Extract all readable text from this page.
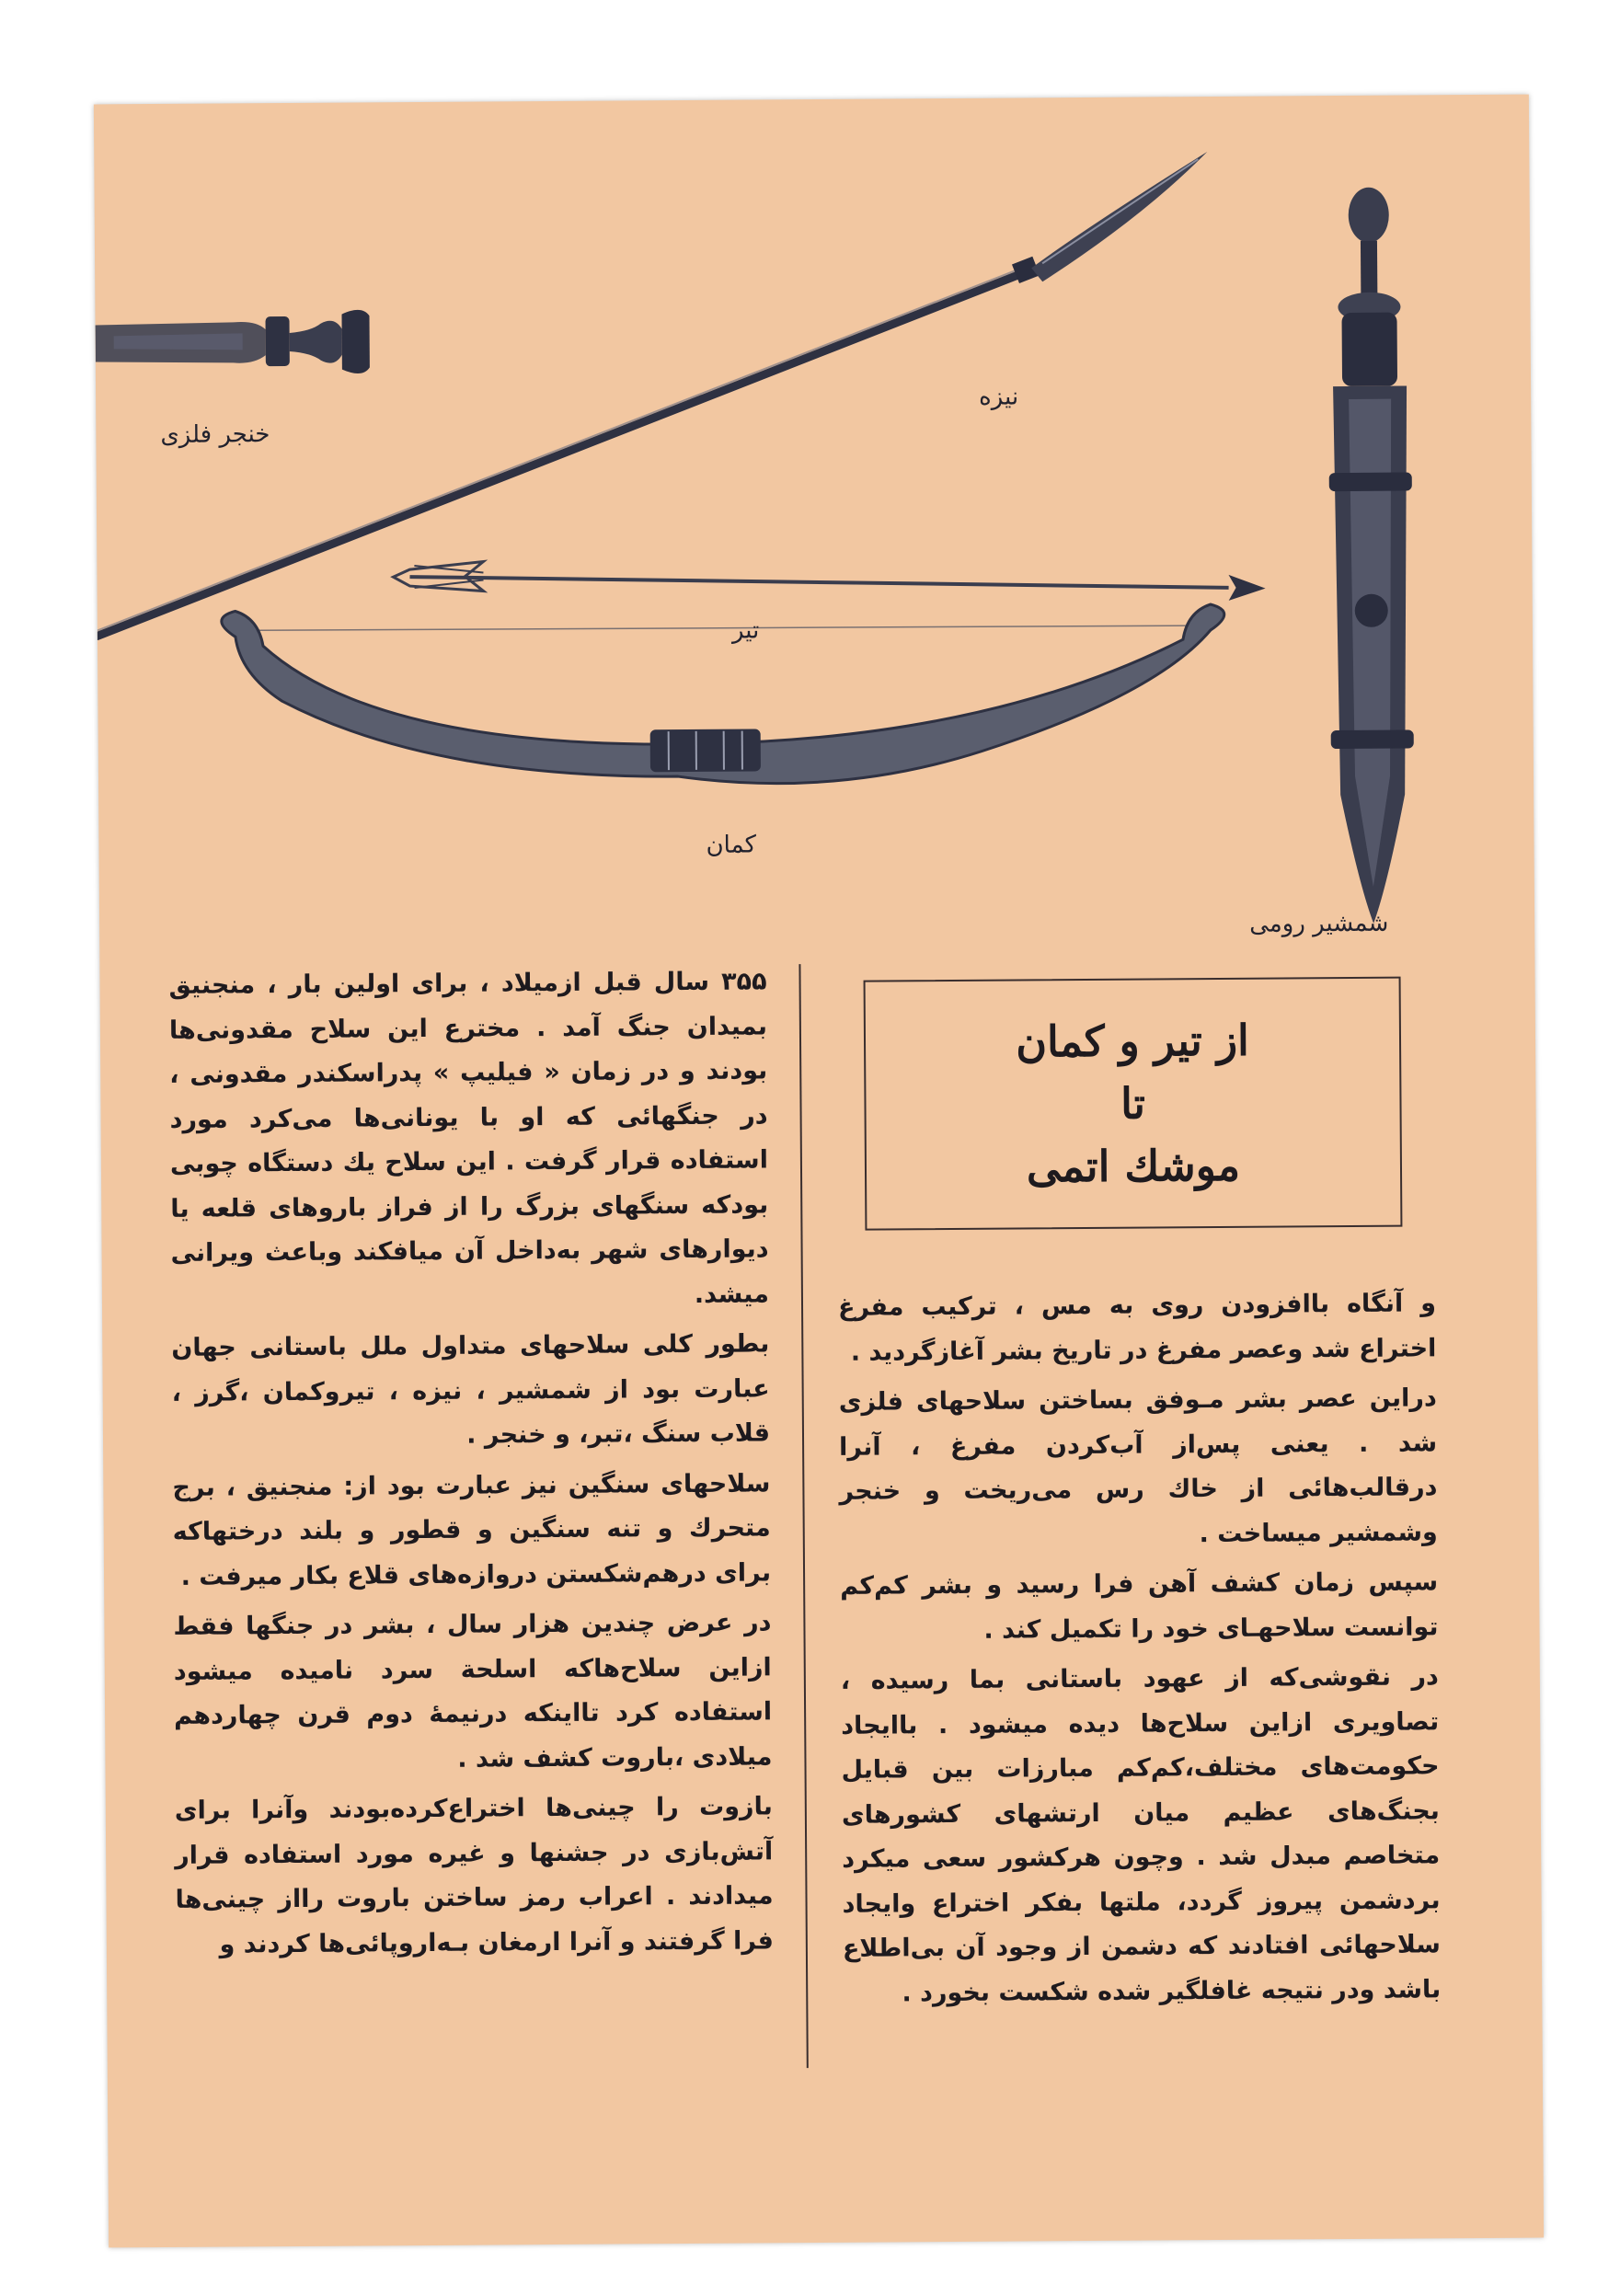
خنجر فلزی
نیزه
تیر
کمان
شمشیر رومی
از تیر و کمان
تا
موشك اتمی

۳۵۵ سال قبل ازمیلاد ، برای اولین بار ، منجنیق بمیدان جنگ آمد . مخترع این سلاح مقدونی‌ها بودند و در زمان « فیلیپ » پدراسکندر مقدونی ، در جنگهائی که او با یونانی‌ها می‌کرد مورد استفاده قرار گرفت . این سلاح یك دستگاه چوبی بودکه سنگهای بزرگ را از فراز باروهای قلعه یا دیوارهای شهر به‌داخل آن میافکند وباعث ویرانی میشد.

بطور کلی سلاحهای متداول ملل باستانی جهان عبارت بود از شمشیر ، نیزه ، تیروکمان ،گرز ، قلاب سنگ ،تبر، و خنجر .

سلاحهای سنگین نیز عبارت بود از: منجنیق ، برج متحرك و تنه سنگین و قطور و بلند درختهاکه برای درهم‌شکستن دروازه‌های قلاع بکار میرفت .

در عرض چندین هزار سال ، بشر در جنگها فقط ازاین سلاح‌هاکه اسلحة سرد نامیده میشود استفاده کرد تااینکه درنیمهٔ دوم قرن چهاردهم میلادی ،باروت کشف شد .

بازوت را چینی‌ها اختراع‌کرده‌بودند وآنرا برای آتش‌بازی در جشنها و غیره مورد استفاده قرار میدادند . اعراب رمز ساختن باروت رااز چینی‌ها فرا گرفتند و آنرا ارمغان بـه‌اروپائی‌ها کردند و

و آنگاه باافزودن روی به مس ، ترکیب مفرغ اختراع شد وعصر مفرغ در تاریخ بشر آغازگردید .

دراین عصر بشر مـوفق بساختن سلاحهای فلزی شد . یعنی پس‌از آب‌کردن مفرغ ، آنرا درقالب‌هائی از خاك رس می‌ریخت و خنجر وشمشیر میساخت .

سپس زمان کشف آهن فرا رسید و بشر کم‌کم توانست سلاحهـای خود را تکمیل کند .

در نقوشی‌که از عهود باستانی بما رسیده ، تصاویری ازاین سلاح‌ها دیده میشود . باایجاد حکومت‌های مختلف،کم‌کم مبارزات بین قبایل بجنگ‌های عظیم میان ارتشهای کشورهای متخاصم مبدل شد . وچون هرکشور سعی میکرد بردشمن پیروز گردد، ملتها بفکر اختراع وایجاد سلاحهائی افتادند که دشمن از وجود آن بی‌اطلاع باشد ودر نتیجه غافلگیر شده شکست بخورد .
